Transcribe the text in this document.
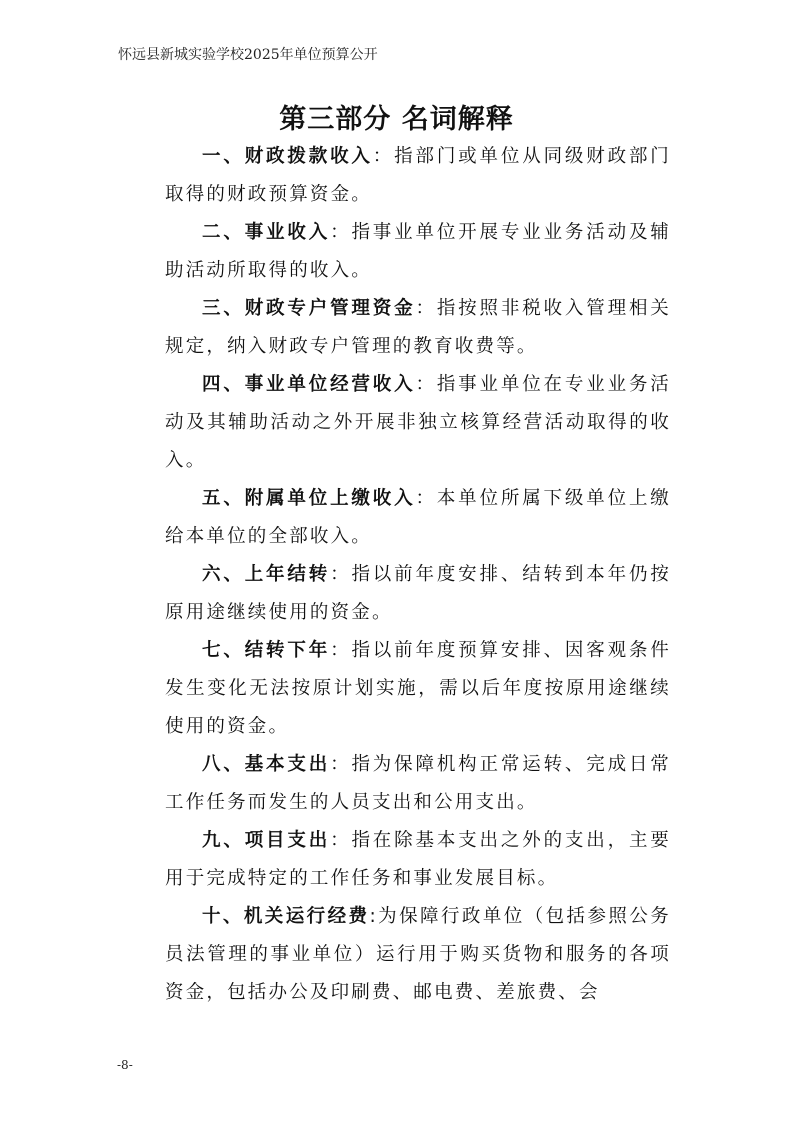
怀远县新城实验学校2025年单位预算公开
第三部分 名词解释

一、财政拨款收入：指部门或单位从同级财政部门取得的财政预算资金。

二、事业收入：指事业单位开展专业业务活动及辅助活动所取得的收入。

三、财政专户管理资金：指按照非税收入管理相关规定，纳入财政专户管理的教育收费等。

四、事业单位经营收入：指事业单位在专业业务活动及其辅助活动之外开展非独立核算经营活动取得的收入。

五、附属单位上缴收入：本单位所属下级单位上缴给本单位的全部收入。

六、上年结转：指以前年度安排、结转到本年仍按原用途继续使用的资金。

七、结转下年：指以前年度预算安排、因客观条件发生变化无法按原计划实施，需以后年度按原用途继续使用的资金。

八、基本支出：指为保障机构正常运转、完成日常工作任务而发生的人员支出和公用支出。

九、项目支出：指在除基本支出之外的支出，主要用于完成特定的工作任务和事业发展目标。

十、机关运行经费:为保障行政单位（包括参照公务员法管理的事业单位）运行用于购买货物和服务的各项资金，包括办公及印刷费、邮电费、差旅费、会

-8-
